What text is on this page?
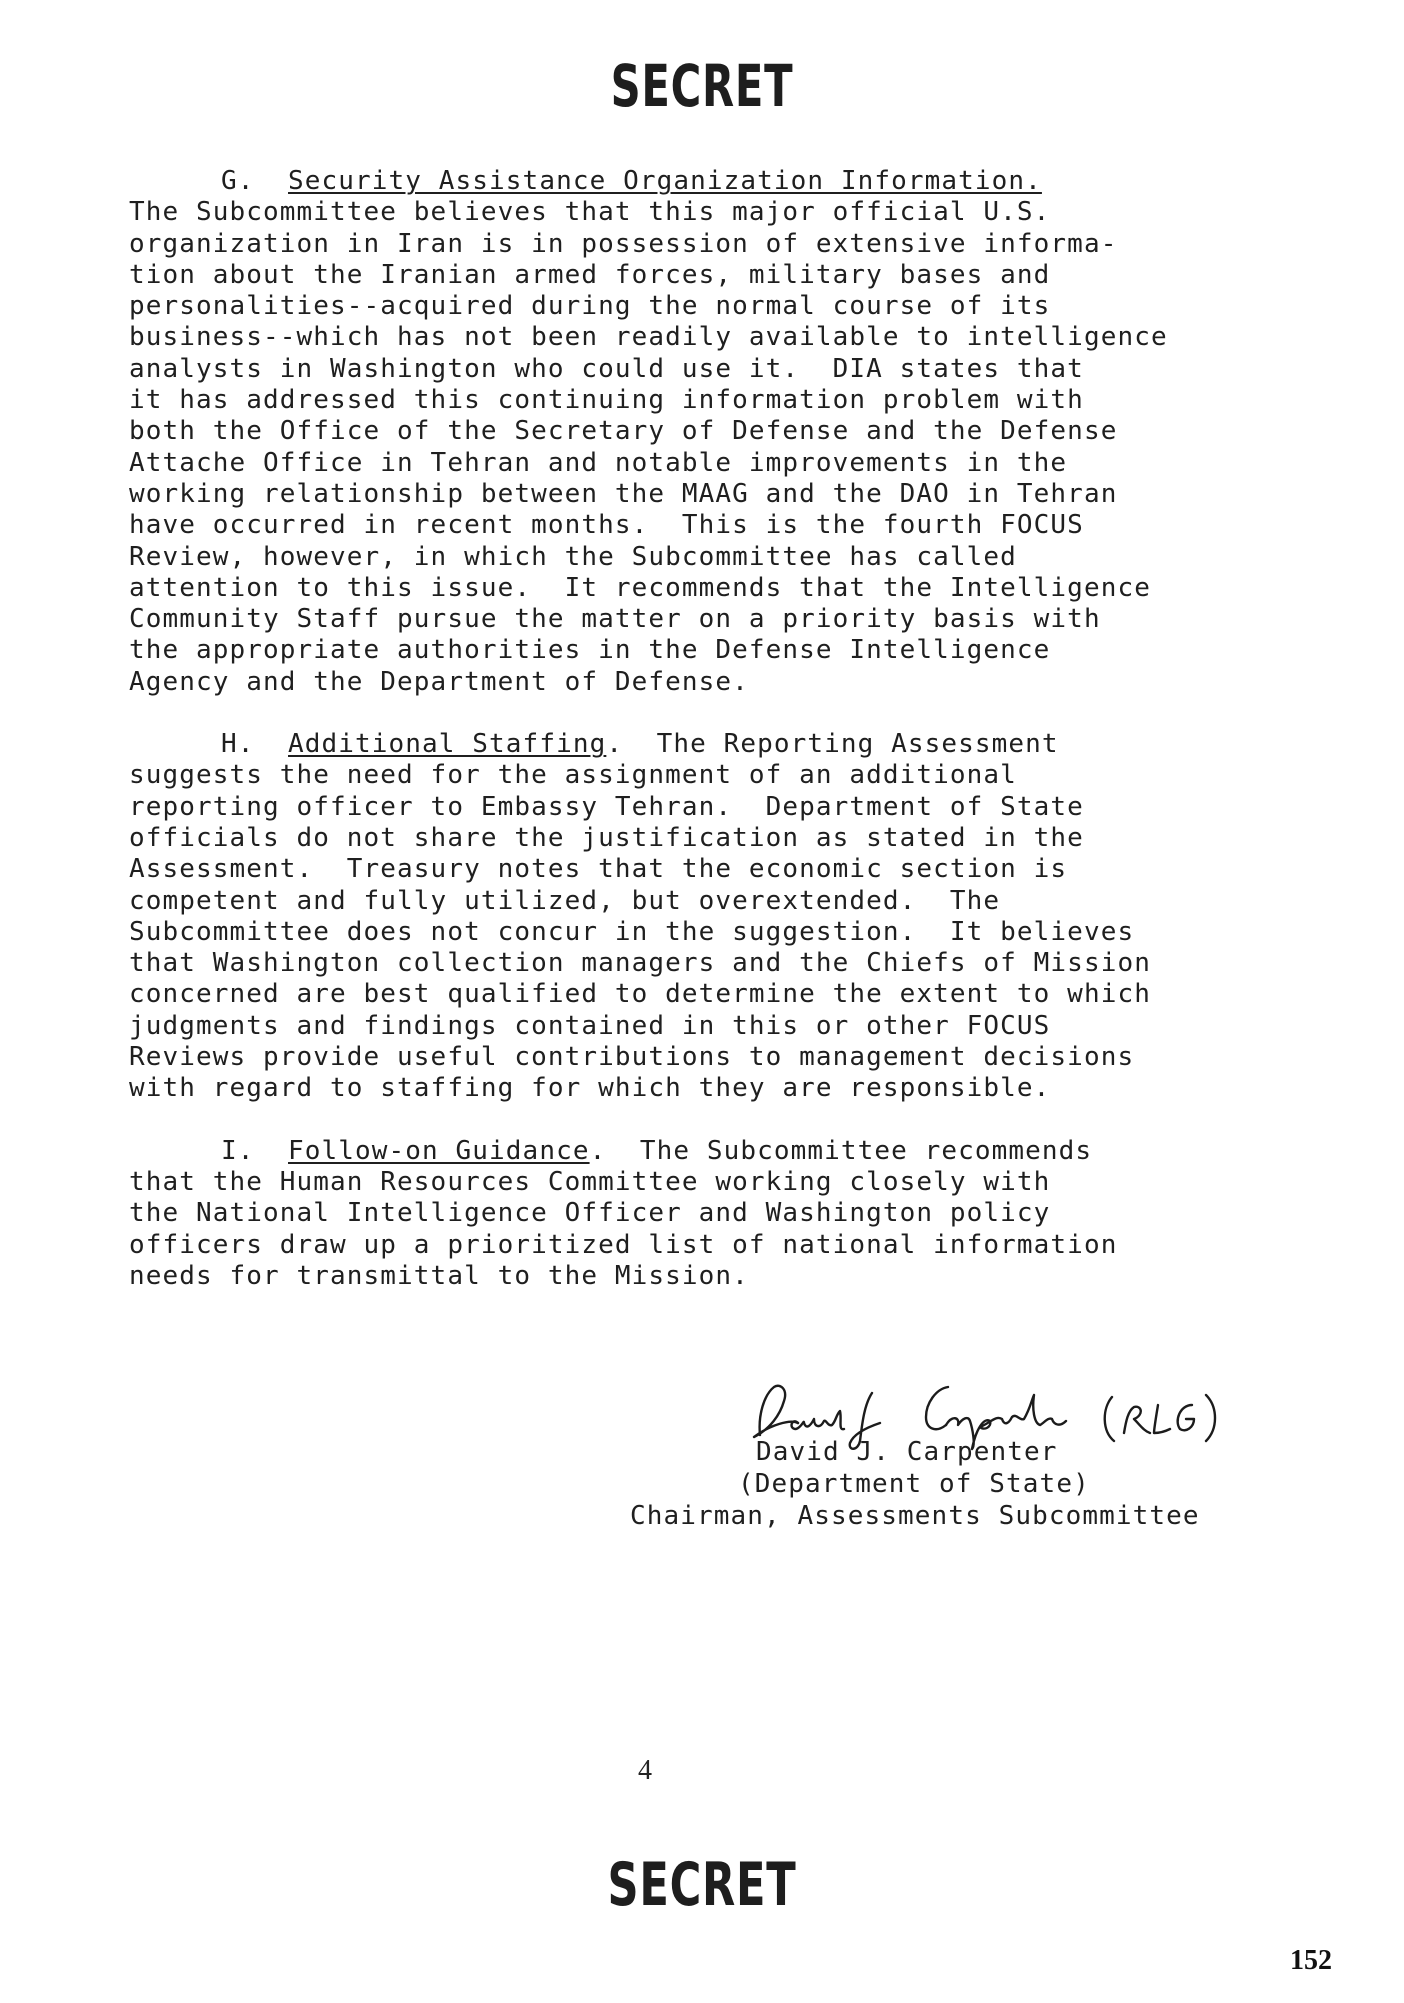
SECRET

G.  Security Assistance Organization Information.
The Subcommittee believes that this major official U.S.
organization in Iran is in possession of extensive informa-
tion about the Iranian armed forces, military bases and
personalities--acquired during the normal course of its
business--which has not been readily available to intelligence
analysts in Washington who could use it.  DIA states that
it has addressed this continuing information problem with
both the Office of the Secretary of Defense and the Defense
Attache Office in Tehran and notable improvements in the
working relationship between the MAAG and the DAO in Tehran
have occurred in recent months.  This is the fourth FOCUS
Review, however, in which the Subcommittee has called
attention to this issue.  It recommends that the Intelligence
Community Staff pursue the matter on a priority basis with
the appropriate authorities in the Defense Intelligence
Agency and the Department of Defense.

H.  Additional Staffing.  The Reporting Assessment
suggests the need for the assignment of an additional
reporting officer to Embassy Tehran.  Department of State
officials do not share the justification as stated in the
Assessment.  Treasury notes that the economic section is
competent and fully utilized, but overextended.  The
Subcommittee does not concur in the suggestion.  It believes
that Washington collection managers and the Chiefs of Mission
concerned are best qualified to determine the extent to which
judgments and findings contained in this or other FOCUS
Reviews provide useful contributions to management decisions
with regard to staffing for which they are responsible.

I.  Follow-on Guidance.  The Subcommittee recommends
that the Human Resources Committee working closely with
the National Intelligence Officer and Washington policy
officers draw up a prioritized list of national information
needs for transmittal to the Mission.

David J. Carpenter
(Department of State)
Chairman, Assessments Subcommittee
4
SECRET
152
